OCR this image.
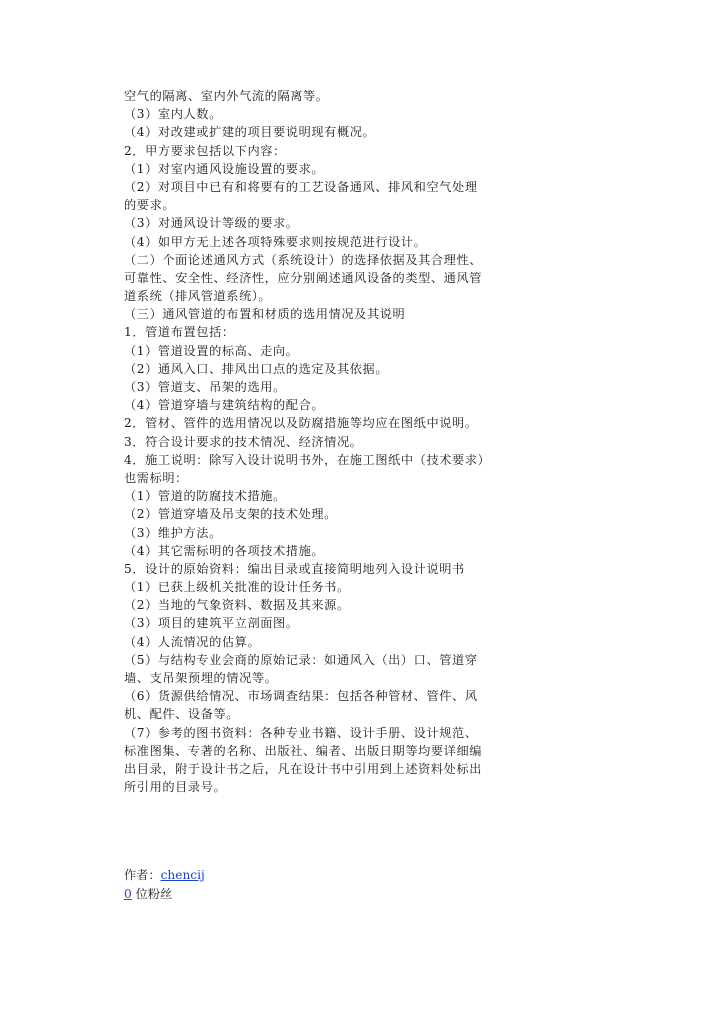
空气的隔离、室内外气流的隔离等。
（3）室内人数。
（4）对改建或扩建的项目要说明现有概况。
2．甲方要求包括以下内容：
（1）对室内通风设施设置的要求。
（2）对项目中已有和将要有的工艺设备通风、排风和空气处理
的要求。
（3）对通风设计等级的要求。
（4）如甲方无上述各项特殊要求则按规范进行设计。
（二）个面论述通风方式（系统设计）的选择依据及其合理性、
可靠性、安全性、经济性，应分别阐述通风设备的类型、通风管
道系统（排风管道系统）。
（三）通风管道的布置和材质的选用情况及其说明
1．管道布置包括：
（1）管道设置的标高、走向。
（2）通风入口、排风出口点的选定及其依据。
（3）管道支、吊架的选用。
（4）管道穿墙与建筑结构的配合。
2．管材、管件的选用情况以及防腐措施等均应在图纸中说明。
3．符合设计要求的技术情况、经济情况。
4．施工说明：除写入设计说明书外，在施工图纸中（技术要求）
也需标明：
（1）管道的防腐技术措施。
（2）管道穿墙及吊支架的技术处理。
（3）维护方法。
（4）其它需标明的各项技术措施。
5．设计的原始资料：编出目录或直接简明地列入设计说明书
（1）已获上级机关批准的设计任务书。
（2）当地的气象资料、数据及其来源。
（3）项目的建筑平立剖面图。
（4）人流情况的估算。
（5）与结构专业会商的原始记录：如通风入（出）口、管道穿
墙、支吊架预埋的情况等。
（6）货源供给情况、市场调查结果：包括各种管材、管件、风
机、配件、设备等。
（7）参考的图书资料：各种专业书籍、设计手册、设计规范、
标准图集、专著的名称、出版社、编者、出版日期等均要详细编
出目录，附于设计书之后，凡在设计书中引用到上述资料处标出
所引用的目录号。
作者：chencij
0 位粉丝
